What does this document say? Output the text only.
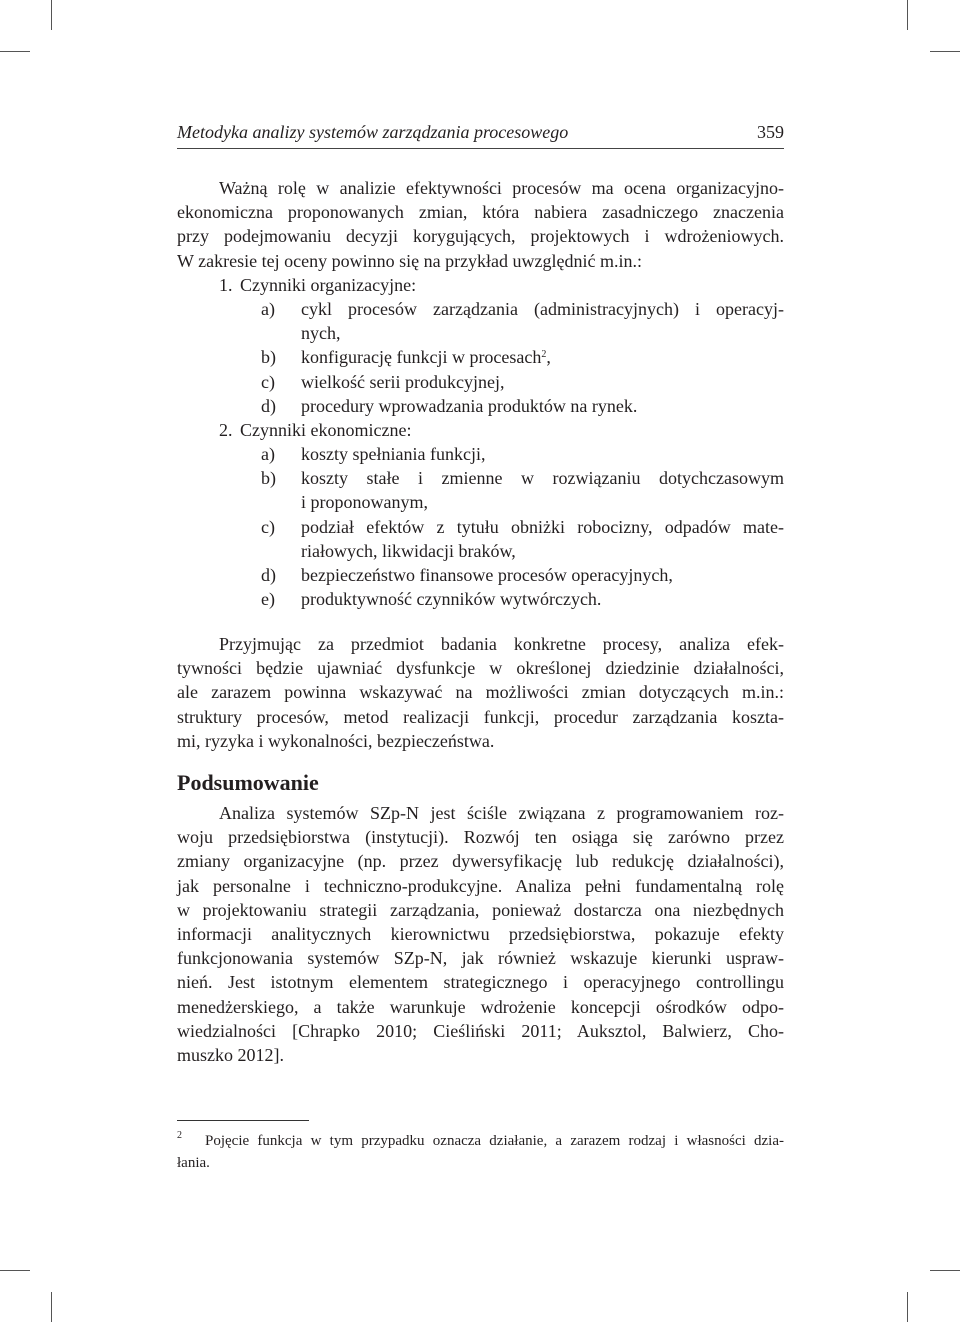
Metodyka analizy systemów zarządzania procesowego	359
Ważną rolę w analizie efektywności procesów ma ocena organizacyjno-
ekonomiczna proponowanych zmian, która nabiera zasadniczego znaczenia
przy podejmowaniu decyzji korygujących, projektowych i wdrożeniowych.
W zakresie tej oceny powinno się na przykład uwzględnić m.in.:
1. Czynniki organizacyjne:
a) cykl procesów zarządzania (administracyjnych) i operacyj-
nych,
b) konfigurację funkcji w procesach$^2$,
c) wielkość serii produkcyjnej,
d) procedury wprowadzania produktów na rynek.
2. Czynniki ekonomiczne:
a) koszty spełniania funkcji,
b) koszty stałe i zmienne w rozwiązaniu dotychczasowym
i proponowanym,
c) podział efektów z tytułu obniżki robocizny, odpadów mate-
riałowych, likwidacji braków,
d) bezpieczeństwo finansowe procesów operacyjnych,
e) produktywność czynników wytwórczych.
Przyjmując za przedmiot badania konkretne procesy, analiza efek-
tywności będzie ujawniać dysfunkcje w określonej dziedzinie działalności,
ale zarazem powinna wskazywać na możliwości zmian dotyczących m.in.:
struktury procesów, metod realizacji funkcji, procedur zarządzania koszta-
mi, ryzyka i wykonalności, bezpieczeństwa.
Podsumowanie
Analiza systemów SZp-N jest ściśle związana z programowaniem roz-
woju przedsiębiorstwa (instytucji). Rozwój ten osiąga się zarówno przez
zmiany organizacyjne (np. przez dywersyfikację lub redukcję działalności),
jak personalne i techniczno-produkcyjne. Analiza pełni fundamentalną rolę
w projektowaniu strategii zarządzania, ponieważ dostarcza ona niezbędnych
informacji analitycznych kierownictwu przedsiębiorstwa, pokazuje efekty
funkcjonowania systemów SZp-N, jak również wskazuje kierunki uspraw-
nień. Jest istotnym elementem strategicznego i operacyjnego controllingu
menedżerskiego, a także warunkuje wdrożenie koncepcji ośrodków odpo-
wiedzialności [Chrapko 2010; Cieśliński 2011; Auksztol, Balwierz, Cho-
muszko 2012].
2 Pojęcie funkcja w tym przypadku oznacza działanie, a zarazem rodzaj i własności dzia-
łania.
